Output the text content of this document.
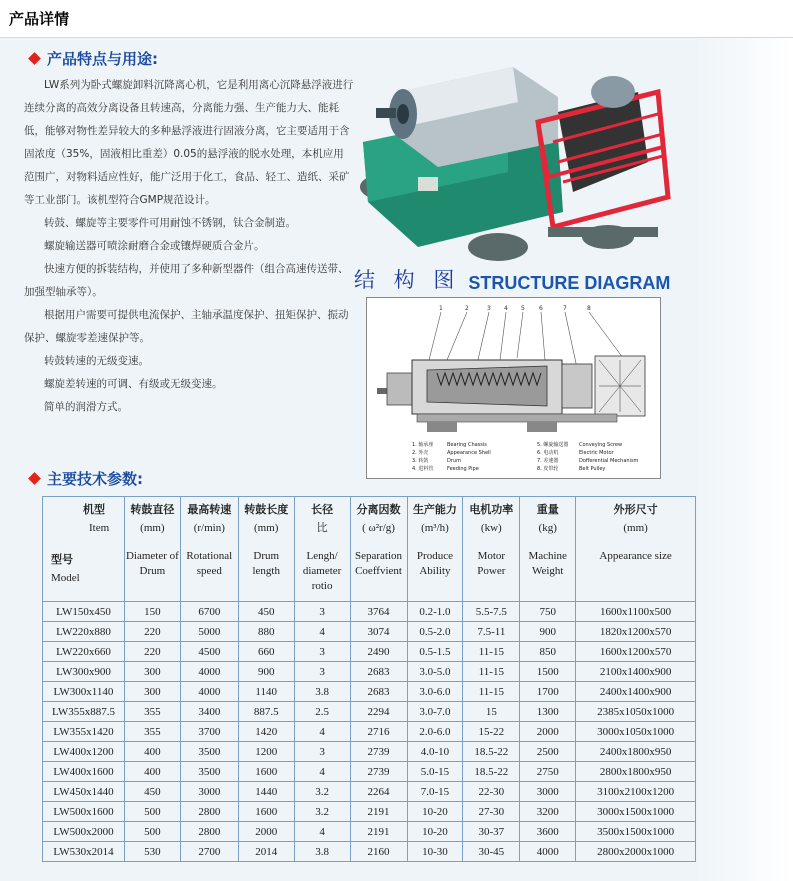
产品详情
产品特点与用途:

LW系列为卧式螺旋卸料沉降离心机，它是利用离心沉降悬浮液进行连续分离的高效分离设备且转速高，分离能力强、生产能力大、能耗低，能够对物性差异较大的多种悬浮液进行固液分离，它主要适用于含固浓度（35%，固液相比重差）0.05的悬浮液的脱水处理，本机应用范围广，对物料适应性好，能广泛用于化工，食品、轻工、造纸、采矿等工业部门。该机型符合GMP规范设计。

转鼓、螺旋等主要零件可用耐蚀不锈钢，钛合金制造。

螺旋输送器可喷涂耐磨合金或镶焊硬质合金片。

快速方便的拆装结构，并使用了多种新型器件（组合高速传送带、加强型轴承等）。

根据用户需要可提供电流保护、主轴承温度保护、扭矩保护、振动保护、螺旋零差速保护等。

转鼓转速的无级变速。

螺旋差转速的可调、有级或无级变速。

简单的润滑方式。

结 构 图 STRUCTURE DIAGRAM
1	2	3 4 5 6	7	8
1. 轴承座	Bearing Chassis	5. 螺旋输送器 Conveying Screw
2. 外壳	Appearance Shell	6. 电动机	Electric Motor
3. 转鼓	Drum	7. 差速器	Dofferential Mechanism
4. 进料管	Feeding Pipe	8. 皮带轮	Belt Pulley
主要技术参数:
机型
Item
型号
Model	转鼓直径
(mm)
Diameter of Drum	最高转速
(r/min)
Rotational speed	转鼓长度
(mm)
Drum length	长径
比
Lengh/ diameter rotio	分离因数
( ω²r/g)
Separation Coeffvient	生产能力
(m³/h)
Produce Ability	电机功率
(kw)
Motor Power	重量
(kg)
Machine Weight	外形尺寸
(mm)
Appearance size

LW150x450	150	6700	450	3	3764	0.2-1.0	5.5-7.5	750	1600x1100x500
LW220x880	220	5000	880	4	3074	0.5-2.0	7.5-11	900	1820x1200x570
LW220x660	220	4500	660	3	2490	0.5-1.5	11-15	850	1600x1200x570
LW300x900	300	4000	900	3	2683	3.0-5.0	11-15	1500	2100x1400x900
LW300x1140	300	4000	1140	3.8	2683	3.0-6.0	11-15	1700	2400x1400x900
LW355x887.5	355	3400	887.5	2.5	2294	3.0-7.0	15	1300	2385x1050x1000
LW355x1420	355	3700	1420	4	2716	2.0-6.0	15-22	2000	3000x1050x1000
LW400x1200	400	3500	1200	3	2739	4.0-10	18.5-22	2500	2400x1800x950
LW400x1600	400	3500	1600	4	2739	5.0-15	18.5-22	2750	2800x1800x950
LW450x1440	450	3000	1440	3.2	2264	7.0-15	22-30	3000	3100x2100x1200
LW500x1600	500	2800	1600	3.2	2191	10-20	27-30	3200	3000x1500x1000
LW500x2000	500	2800	2000	4	2191	10-20	30-37	3600	3500x1500x1000
LW530x2014	530	2700	2014	3.8	2160	10-30	30-45	4000	2800x2000x1000
